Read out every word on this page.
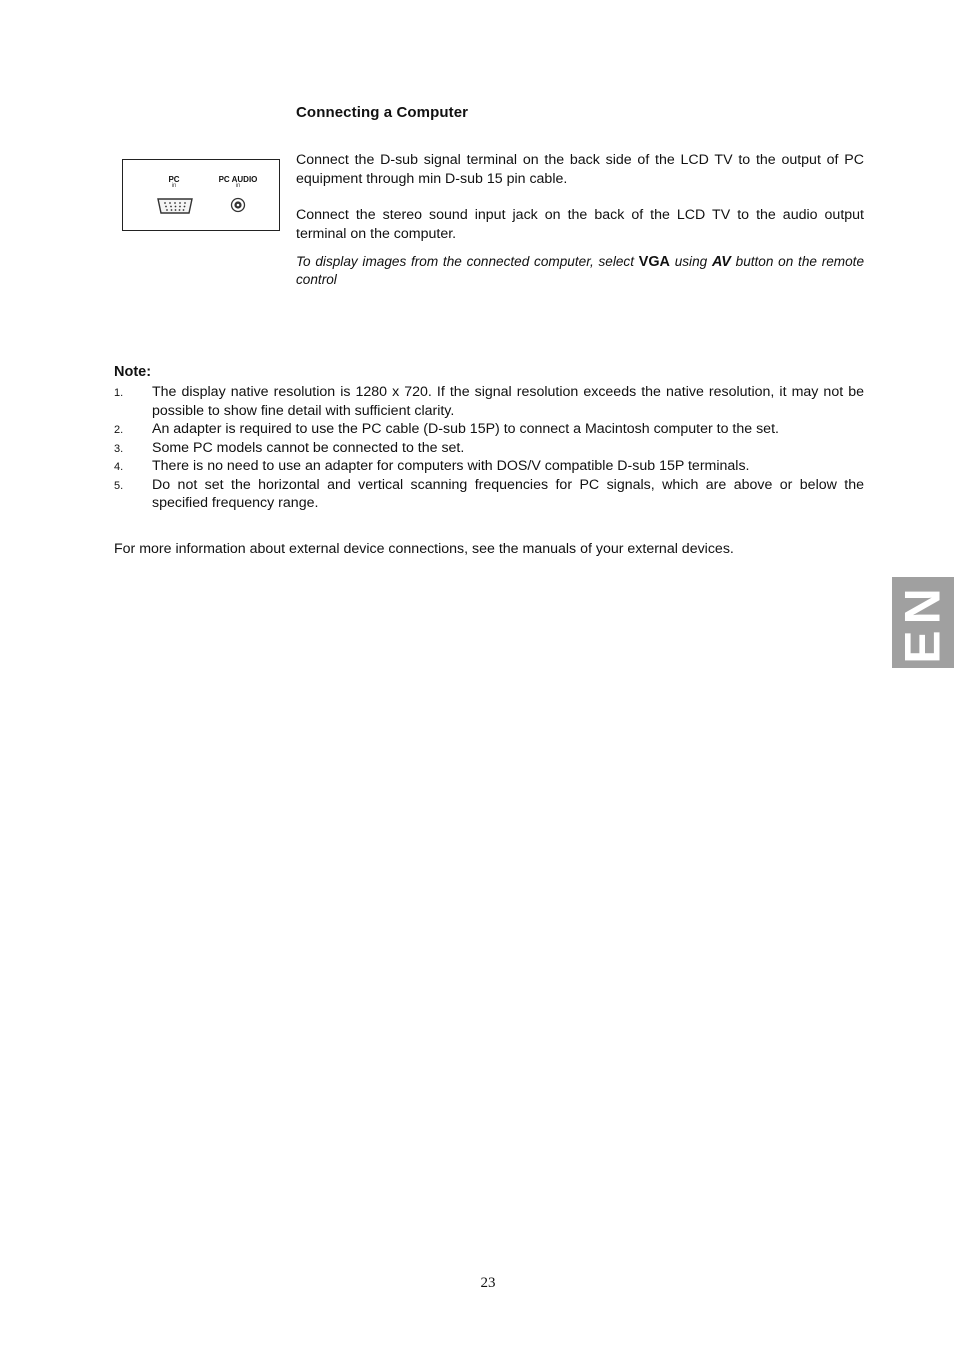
Connecting a Computer
PC
in
PC AUDIO
in
Connect the D-sub signal terminal on the back side of the LCD TV to the output of PC equipment through min D-sub 15 pin cable.
Connect the stereo sound input jack on the back of the LCD TV to the audio output terminal on the computer.
To display images from the connected computer, select VGA using AV button on the remote control
Note:
1. The display native resolution is 1280 x 720. If the signal resolution exceeds the native resolution, it may not be possible to show fine detail with sufficient clarity.
2. An adapter is required to use the PC cable (D-sub 15P) to connect a Macintosh computer to the set.
3. Some PC models cannot be connected to the set.
4. There is no need to use an adapter for computers with DOS/V compatible D-sub 15P terminals.
5. Do not set the horizontal and vertical scanning frequencies for PC signals, which are above or below the specified frequency range.
For more information about external device connections, see the manuals of your external devices.
EN
23
